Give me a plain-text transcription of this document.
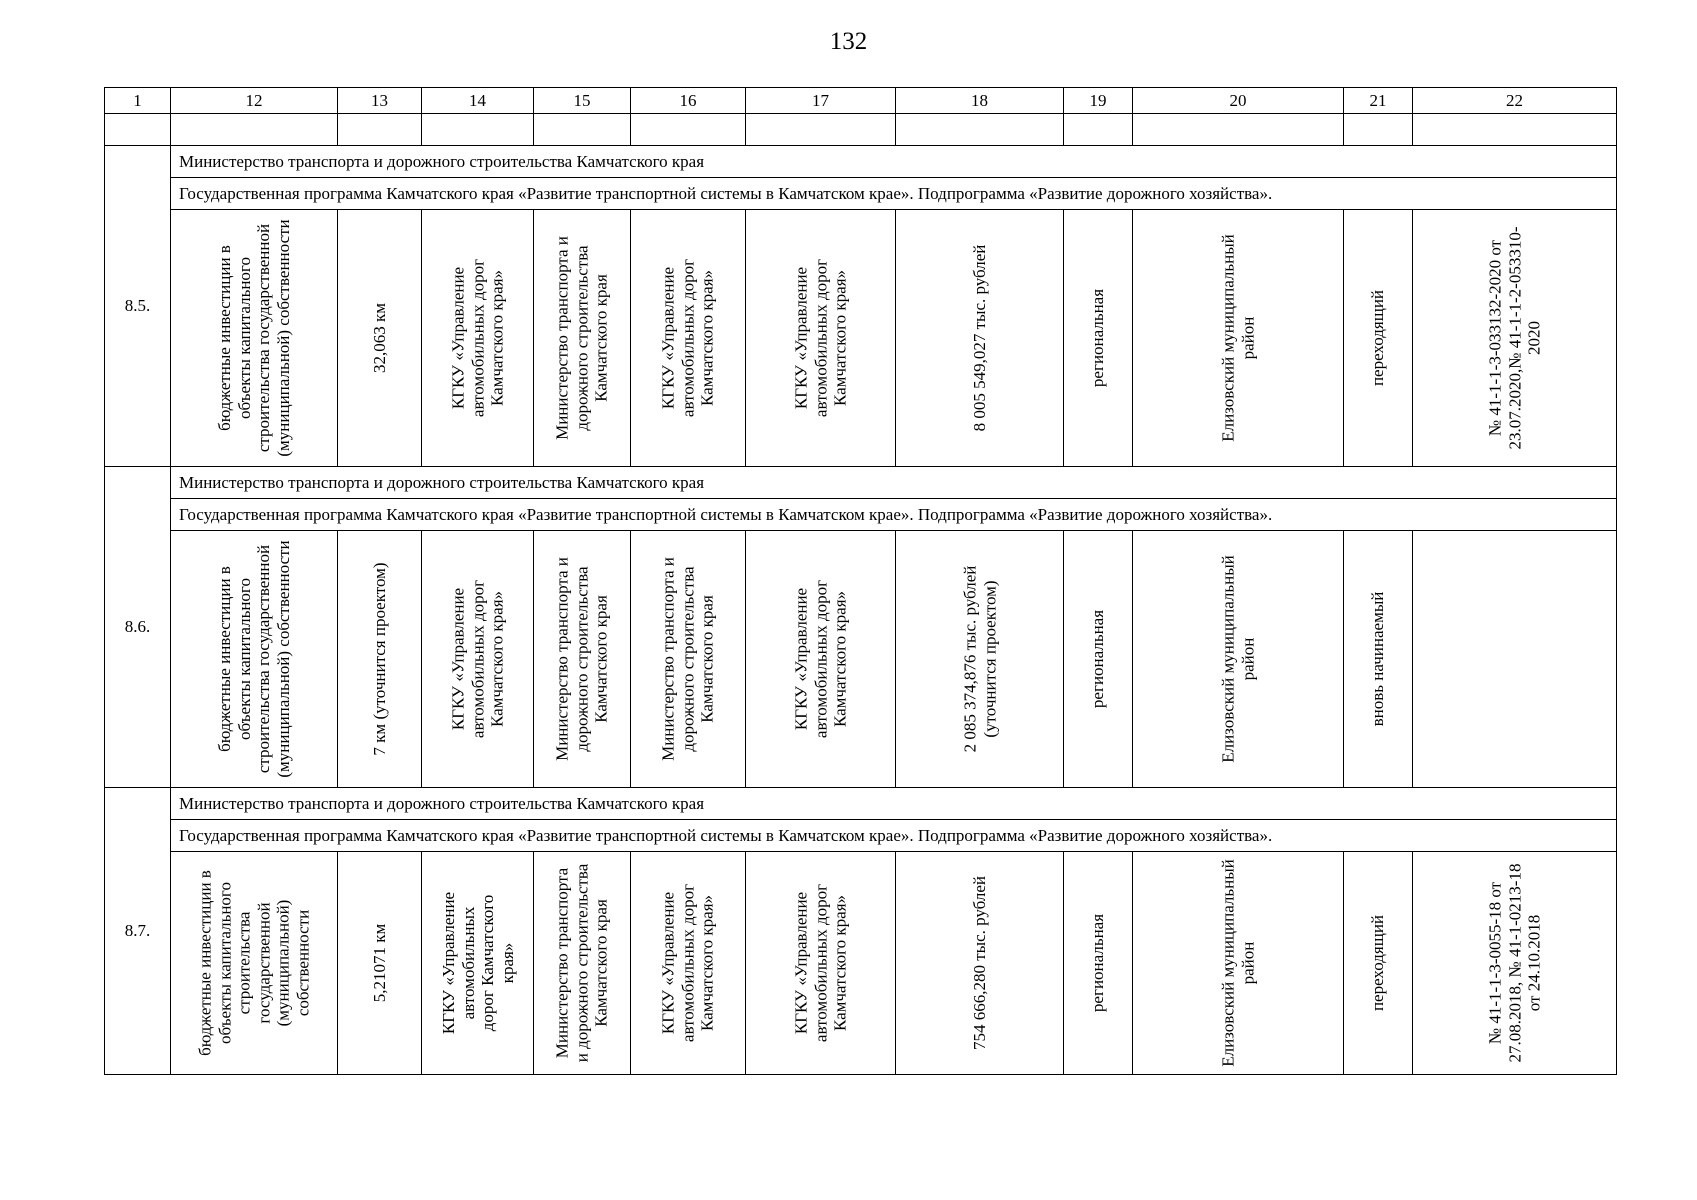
132
1	12	13	14	15	16	17	18	19	20	21	22

8.5.	Министерство транспорта и дорожного строительства Камчатского края										
	Государственная программа Камчатского края «Развитие транспортной системы в Камчатском крае». Подпрограмма «Развитие дорожного хозяйства».										

	бюджетные инвестиции в объекты капитального строительства государственной (муниципальной) собственности	32,063 км	КГКУ «Управление автомобильных дорог Камчатского края»	Министерство транспорта и дорожного строительства Камчатского края	КГКУ «Управление автомобильных дорог Камчатского края»	КГКУ «Управление автомобильных дорог Камчатского края»	8 005 549,027 тыс. рублей	региональная	Елизовский муниципальный район	переходящий	№ 41-1-1-3-033132-2020 от 23.07.2020,№ 41-1-1-2-053310-2020

8.6.	Министерство транспорта и дорожного строительства Камчатского края										
	Государственная программа Камчатского края «Развитие транспортной системы в Камчатском крае». Подпрограмма «Развитие дорожного хозяйства».										

	бюджетные инвестиции в объекты капитального строительства государственной (муниципальной) собственности	7 км (уточнится проектом)	КГКУ «Управление автомобильных дорог Камчатского края»	Министерство транспорта и дорожного строительства Камчатского края	Министерство транспорта и дорожного строительства Камчатского края	КГКУ «Управление автомобильных дорог Камчатского края»	2 085 374,876 тыс. рублей (уточнится проектом)	региональная	Елизовский муниципальный район	вновь начинаемый	

8.7.	Министерство транспорта и дорожного строительства Камчатского края										
	Государственная программа Камчатского края «Развитие транспортной системы в Камчатском крае». Подпрограмма «Развитие дорожного хозяйства».										

	бюджетные инвестиции в объекты капитального строительства государственной (муниципальной) собственности	5,21071 км	КГКУ «Управление автомобильных дорог Камчатского края»	Министерство транспорта и дорожного строительства Камчатского края	КГКУ «Управление автомобильных дорог Камчатского края»	КГКУ «Управление автомобильных дорог Камчатского края»	754 666,280 тыс. рублей	региональная	Елизовский муниципальный район	переходящий	№ 41-1-1-3-0055-18 от 27.08.2018, № 41-1-0213-18 от 24.10.2018
